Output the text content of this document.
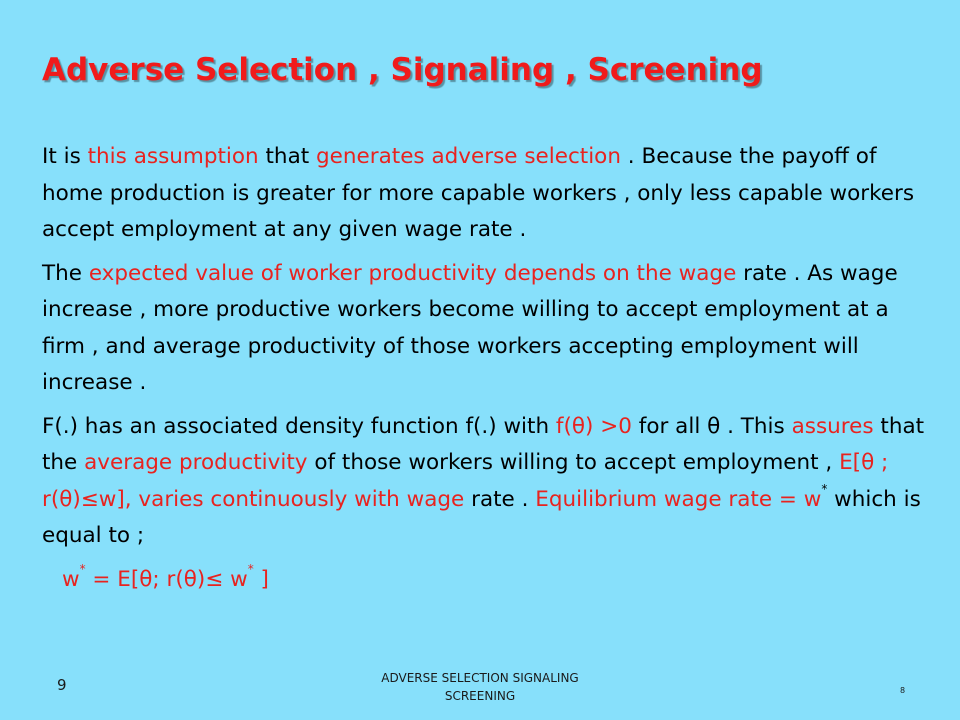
Adverse Selection , Signaling , Screening

It is this assumption that generates adverse selection . Because the payoff of home production is greater for more capable workers , only less capable workers accept employment at any given wage rate .

The expected value of worker productivity depends on the wage rate . As wage increase , more productive workers become willing to accept employment at a firm , and average productivity of those workers accepting employment will increase .

F(.) has an associated density function f(.) with f(θ) >0 for all θ . This assures that the average productivity of those workers willing to accept employment , E[θ ; r(θ)≤w], varies continuously with wage rate . Equilibrium wage rate = w* which is equal to ;

w* = E[θ; r(θ)≤ w* ]

9	ADVERSE SELECTION SIGNALING
SCREENING	8
